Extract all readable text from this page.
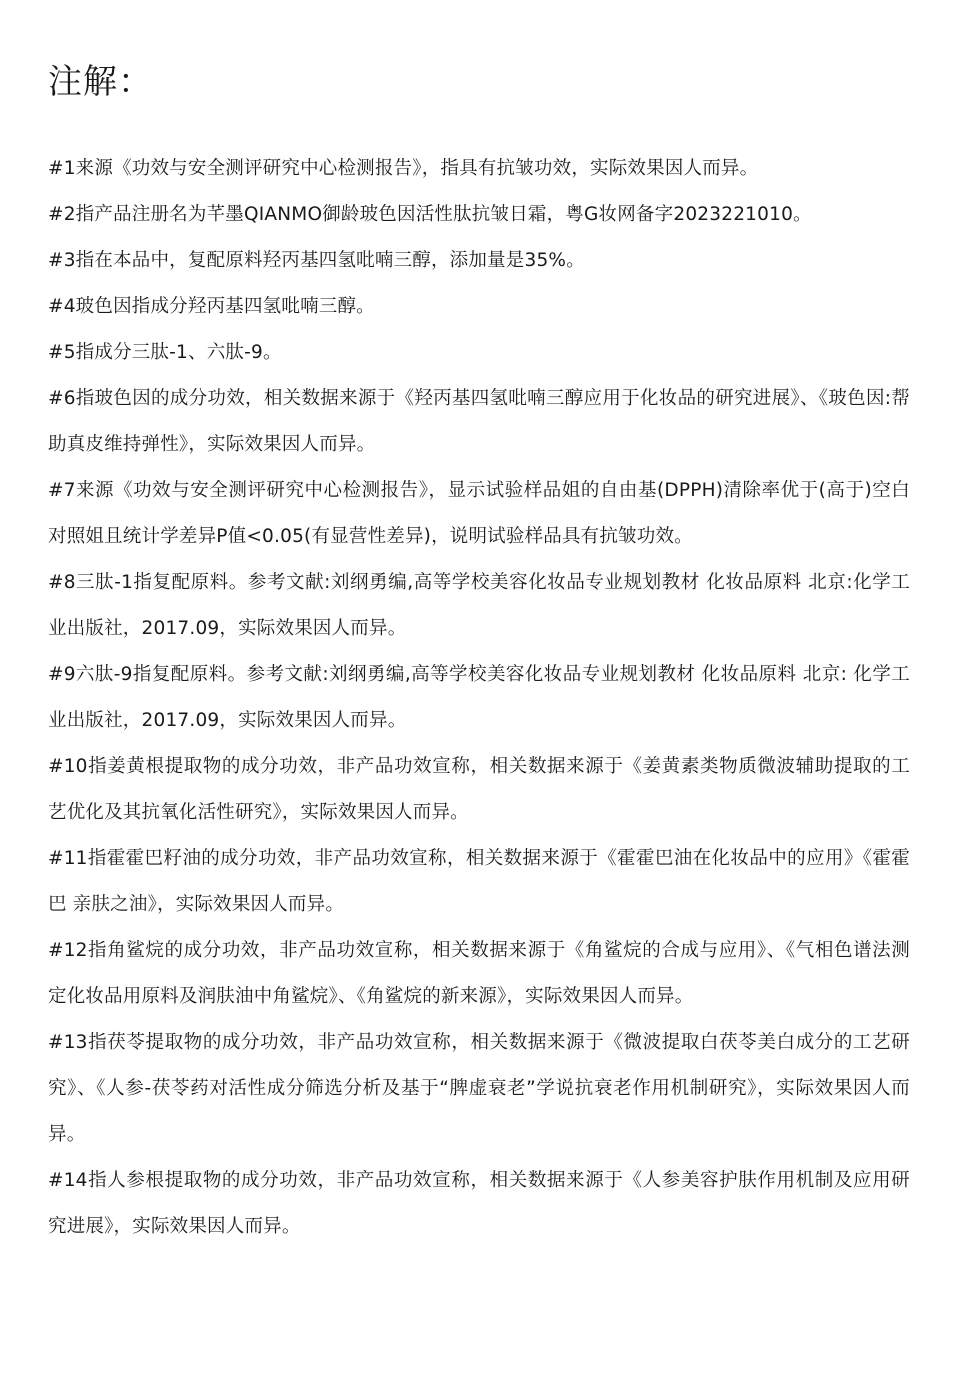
注解：
#1来源《功效与安全测评研究中心检测报告》，指具有抗皱功效，实际效果因人而异。
#2指产品注册名为芊墨QIANMO御龄玻色因活性肽抗皱日霜，粤G妆网备字2023221010。
#3指在本品中，复配原料羟丙基四氢吡喃三醇，添加量是35%。
#4玻色因指成分羟丙基四氢吡喃三醇。
#5指成分三肽-1、六肽-9。
#6指玻色因的成分功效，相关数据来源于《羟丙基四氢吡喃三醇应用于化妆品的研究进展》、《玻色因:帮助真皮维持弹性》，实际效果因人而异。
#7来源《功效与安全测评研究中心检测报告》，显示试验样品姐的自由基(DPPH)清除率优于(高于)空白对照姐且统计学差异P值<0.05(有显营性差异)，说明试验样品具有抗皱功效。
#8三肽-1指复配原料。参考文献:刘纲勇编,高等学校美容化妆品专业规划教材 化妆品原料 北京:化学工业出版社，2017.09，实际效果因人而异。
#9六肽-9指复配原料。参考文献:刘纲勇编,高等学校美容化妆品专业规划教材 化妆品原料 北京: 化学工业出版社，2017.09，实际效果因人而异。
#10指姜黄根提取物的成分功效，非产品功效宣称，相关数据来源于《姜黄素类物质微波辅助提取的工艺优化及其抗氧化活性研究》，实际效果因人而异。
#11指霍霍巴籽油的成分功效，非产品功效宣称，相关数据来源于《霍霍巴油在化妆品中的应用》《霍霍巴 亲肤之油》，实际效果因人而异。
#12指角鲨烷的成分功效，非产品功效宣称，相关数据来源于《角鲨烷的合成与应用》、《气相色谱法测定化妆品用原料及润肤油中角鲨烷》、《角鲨烷的新来源》，实际效果因人而异。
#13指茯苓提取物的成分功效，非产品功效宣称，相关数据来源于《微波提取白茯苓美白成分的工艺研究》、《人参-茯苓药对活性成分筛选分析及基于“脾虚衰老”学说抗衰老作用机制研究》，实际效果因人而异。
#14指人参根提取物的成分功效，非产品功效宣称，相关数据来源于《人参美容护肤作用机制及应用研究进展》，实际效果因人而异。
